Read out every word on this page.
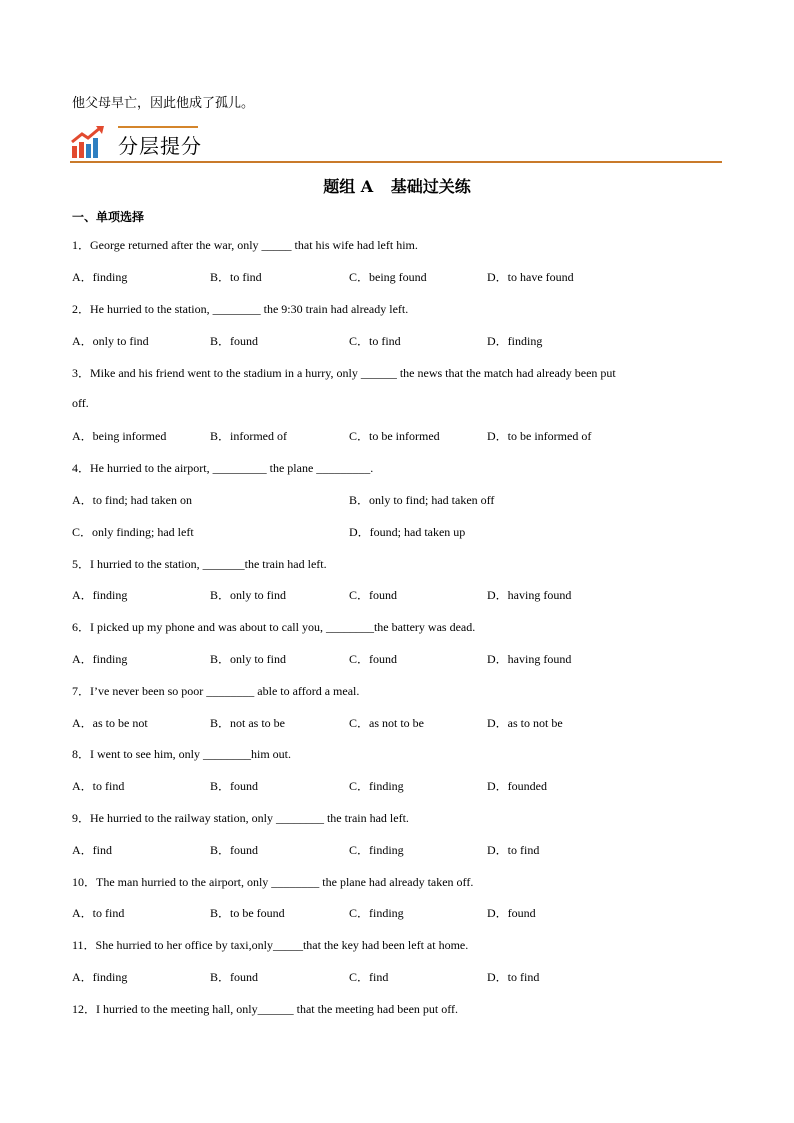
他父母早亡，因此他成了孤儿。
分层提分
题组 A 基础过关练
一、单项选择
1．George returned after the war, only _____ that his wife had left him.
A．finding	B．to find	C．being found	D．to have found
2．He hurried to the station, ________ the 9:30 train had already left.
A．only to find	B．found	C．to find	D．finding
3．Mike and his friend went to the stadium in a hurry, only ______ the news that the match had already been put
off.
A．being informed	B．informed of	C．to be informed	D．to be informed of
4．He hurried to the airport, _________ the plane _________.
A．to find; had taken on	B．only to find; had taken off
C．only finding; had left	D．found; had taken up
5．I hurried to the station, _______the train had left.
A．finding	B．only to find	C．found	D．having found
6．I picked up my phone and was about to call you, ________the battery was dead.
A．finding	B．only to find	C．found	D．having found
7．I’ve never been so poor ________ able to afford a meal.
A．as to be not	B．not as to be	C．as not to be	D．as to not be
8．I went to see him, only ________him out.
A．to find	B．found	C．finding	D．founded
9．He hurried to the railway station, only ________ the train had left.
A．find	B．found	C．finding	D．to find
10．The man hurried to the airport, only ________ the plane had already taken off.
A．to find	B．to be found	C．finding	D．found
11．She hurried to her office by taxi,only_____that the key had been left at home.
A．finding	B．found	C．find	D．to find
12．I hurried to the meeting hall, only______ that the meeting had been put off.
